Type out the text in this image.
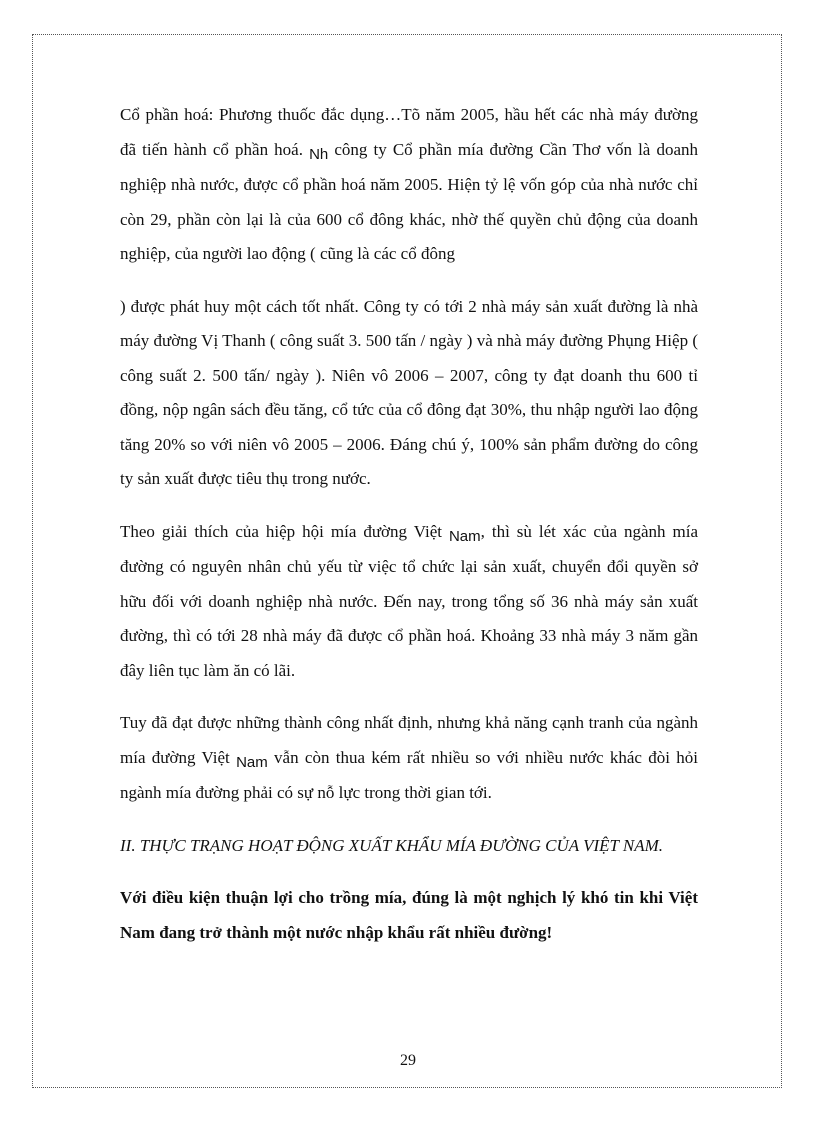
Cổ phần hoá: Phương thuốc đắc dụng…Tõ năm 2005, hầu hết các nhà máy đường đã tiến hành cổ phần hoá. Nh công ty Cổ phần mía đường Cần Thơ vốn là doanh nghiệp nhà nước, được cổ phần hoá năm 2005. Hiện tỷ lệ vốn góp của nhà nước chỉ còn 29, phần còn lại là của 600 cổ đông khác, nhờ thế quyền chủ động của doanh nghiệp, của người lao động ( cũng là các cổ đông

) được phát huy một cách tốt nhất. Công ty có tới 2 nhà máy sản xuất đường là nhà máy đường Vị Thanh ( công suất 3. 500 tấn / ngày ) và nhà máy đường Phụng Hiệp ( công suất 2. 500 tấn/ ngày ). Niên vô 2006 – 2007, công ty đạt doanh thu 600 tỉ đồng, nộp ngân sách đều tăng, cổ tức của cổ đông đạt 30%, thu nhập người lao động tăng 20% so với niên vô 2005 – 2006. Đáng chú ý, 100% sản phẩm đường do công ty sản xuất được tiêu thụ trong nước.

Theo giải thích của hiệp hội mía đường Việt Nam, thì sù lét xác của ngành mía đường có nguyên nhân chủ yếu từ việc tổ chức lại sản xuất, chuyển đổi quyền sở hữu đối với doanh nghiệp nhà nước. Đến nay, trong tổng số 36 nhà máy sản xuất đường, thì có tới 28 nhà máy đã được cổ phần hoá. Khoảng 33 nhà máy 3 năm gần đây liên tục làm ăn có lãi.

Tuy đã đạt được những thành công nhất định, nhưng khả năng cạnh tranh của ngành mía đường Việt Nam vẫn còn thua kém rất nhiều so với nhiều nước khác đòi hỏi ngành mía đường phải có sự nỗ lực trong thời gian tới.

II. THỰC TRẠNG HOẠT ĐỘNG XUẤT KHẨU MÍA ĐƯỜNG CỦA VIỆT NAM.

Với điều kiện thuận lợi cho trồng mía, đúng là một nghịch lý khó tin khi Việt Nam đang trở thành một nước nhập khẩu rất nhiều đường!

29
